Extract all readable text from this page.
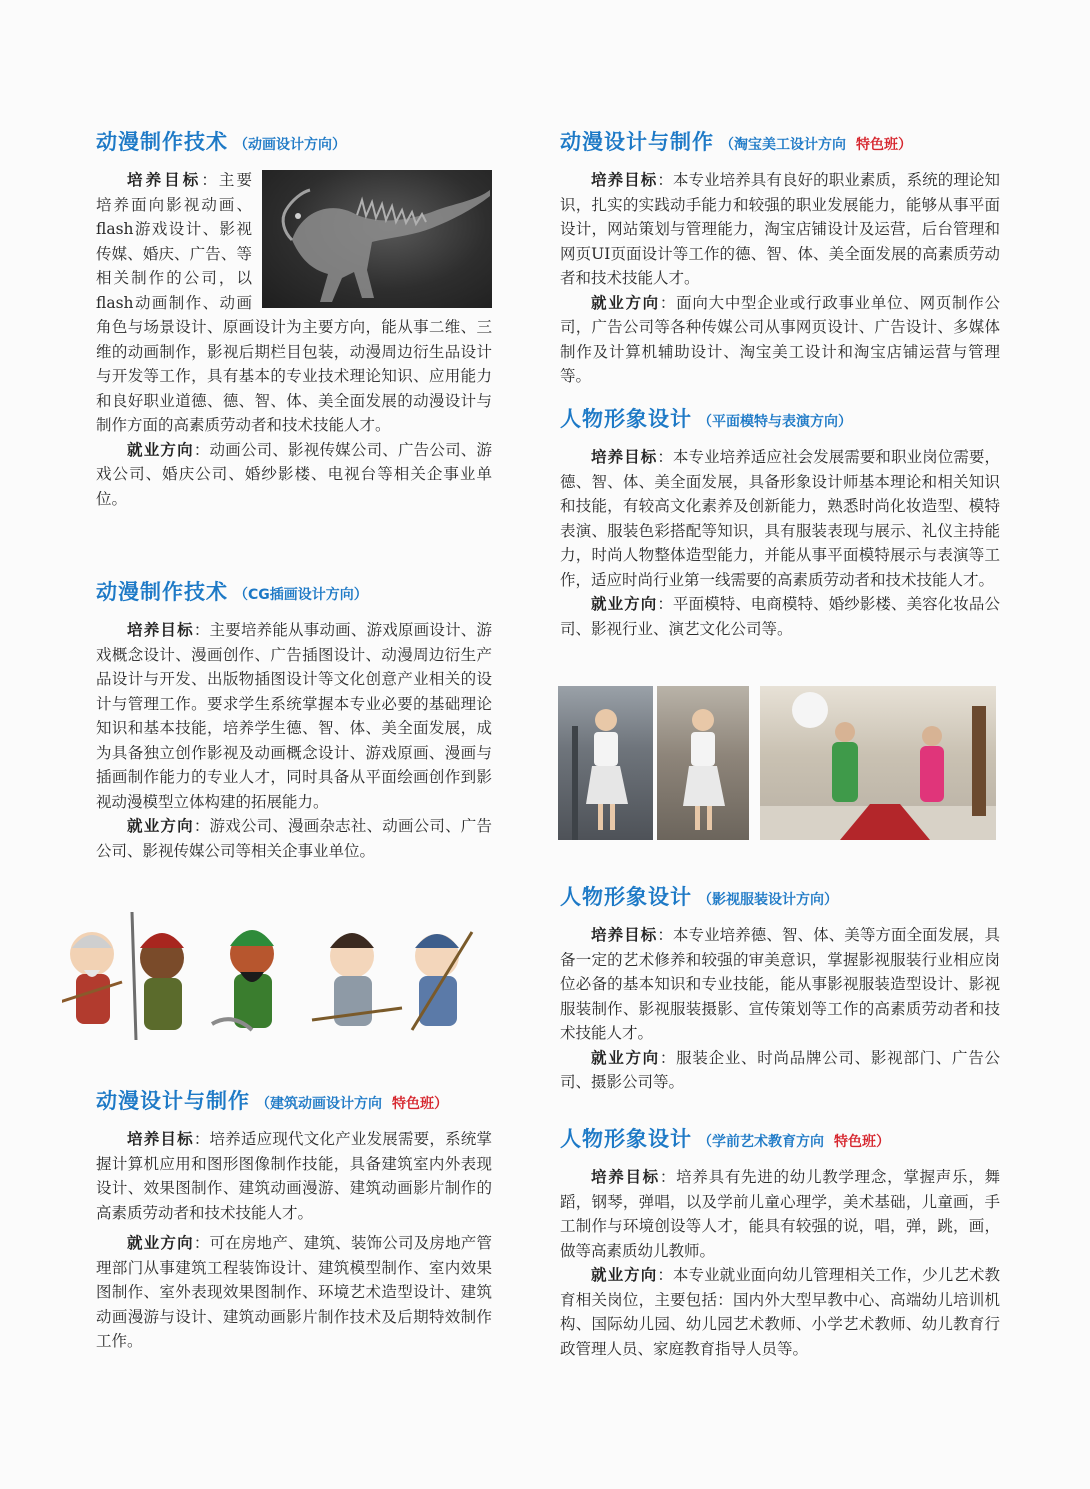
动漫制作技术 （动画设计方向）

培养目标：主要培养面向影视动画、flash游戏设计、影视传媒、婚庆、广告、等相关制作的公司，以flash动画制作、动画角色与场景设计、原画设计为主要方向，能从事二维、三维的动画制作，影视后期栏目包装，动漫周边衍生品设计与开发等工作，具有基本的专业技术理论知识、应用能力和良好职业道德、德、智、体、美全面发展的动漫设计与制作方面的高素质劳动者和技术技能人才。

就业方向：动画公司、影视传媒公司、广告公司、游戏公司、婚庆公司、婚纱影楼、电视台等相关企事业单位。

动漫制作技术 （CG插画设计方向）

培养目标：主要培养能从事动画、游戏原画设计、游戏概念设计、漫画创作、广告插图设计、动漫周边衍生产品设计与开发、出版物插图设计等文化创意产业相关的设计与管理工作。要求学生系统掌握本专业必要的基础理论知识和基本技能，培养学生德、智、体、美全面发展，成为具备独立创作影视及动画概念设计、游戏原画、漫画与插画制作能力的专业人才，同时具备从平面绘画创作到影视动漫模型立体构建的拓展能力。

就业方向：游戏公司、漫画杂志社、动画公司、广告公司、影视传媒公司等相关企事业单位。

动漫设计与制作 （建筑动画设计方向 特色班）

培养目标：培养适应现代文化产业发展需要，系统掌握计算机应用和图形图像制作技能，具备建筑室内外表现设计、效果图制作、建筑动画漫游、建筑动画影片制作的高素质劳动者和技术技能人才。

就业方向：可在房地产、建筑、装饰公司及房地产管理部门从事建筑工程装饰设计、建筑模型制作、室内效果图制作、室外表现效果图制作、环境艺术造型设计、建筑动画漫游与设计、建筑动画影片制作技术及后期特效制作工作。

动漫设计与制作 （淘宝美工设计方向 特色班）

培养目标：本专业培养具有良好的职业素质，系统的理论知识，扎实的实践动手能力和较强的职业发展能力，能够从事平面设计，网站策划与管理能力，淘宝店铺设计及运营，后台管理和网页UI页面设计等工作的德、智、体、美全面发展的高素质劳动者和技术技能人才。

就业方向：面向大中型企业或行政事业单位、网页制作公司，广告公司等各种传媒公司从事网页设计、广告设计、多媒体制作及计算机辅助设计、淘宝美工设计和淘宝店铺运营与管理等。

人物形象设计 （平面模特与表演方向）

培养目标：本专业培养适应社会发展需要和职业岗位需要，德、智、体、美全面发展，具备形象设计师基本理论和相关知识和技能，有较高文化素养及创新能力，熟悉时尚化妆造型、模特表演、服装色彩搭配等知识，具有服装表现与展示、礼仪主持能力，时尚人物整体造型能力，并能从事平面模特展示与表演等工作，适应时尚行业第一线需要的高素质劳动者和技术技能人才。

就业方向：平面模特、电商模特、婚纱影楼、美容化妆品公司、影视行业、演艺文化公司等。

人物形象设计 （影视服装设计方向）

培养目标：本专业培养德、智、体、美等方面全面发展，具备一定的艺术修养和较强的审美意识，掌握影视服装行业相应岗位必备的基本知识和专业技能，能从事影视服装造型设计、影视服装制作、影视服装摄影、宣传策划等工作的高素质劳动者和技术技能人才。

就业方向：服装企业、时尚品牌公司、影视部门、广告公司、摄影公司等。

人物形象设计 （学前艺术教育方向 特色班）

培养目标：培养具有先进的幼儿教学理念，掌握声乐，舞蹈，钢琴，弹唱，以及学前儿童心理学，美术基础，儿童画，手工制作与环境创设等人才，能具有较强的说，唱，弹，跳，画，做等高素质幼儿教师。

就业方向：本专业就业面向幼儿管理相关工作，少儿艺术教育相关岗位，主要包括：国内外大型早教中心、高端幼儿培训机构、国际幼儿园、幼儿园艺术教师、小学艺术教师、幼儿教育行政管理人员、家庭教育指导人员等。
